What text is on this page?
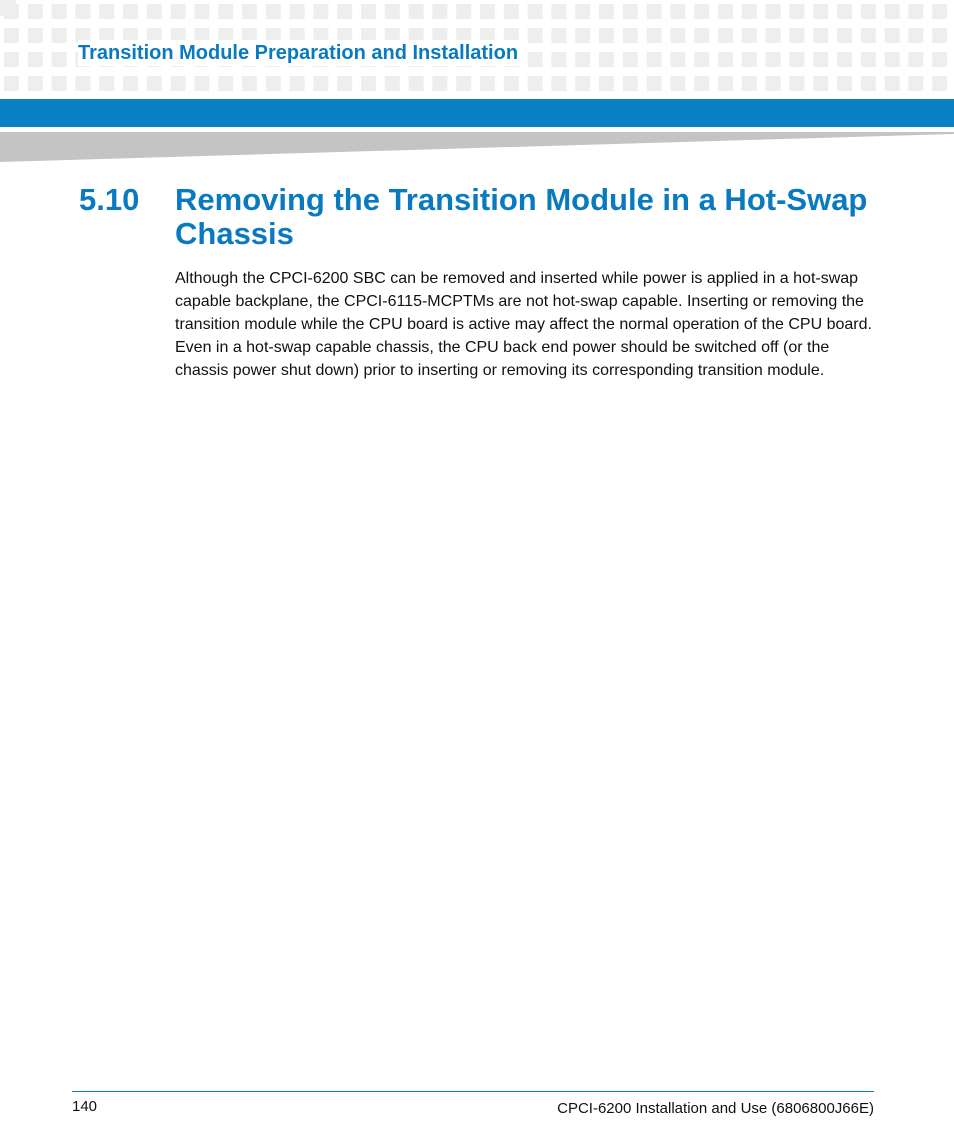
Transition Module Preparation and Installation
5.10 Removing the Transition Module in a Hot-Swap Chassis

Although the CPCI-6200 SBC can be removed and inserted while power is applied in a hot-swap capable backplane, the CPCI-6115-MCPTMs are not hot-swap capable. Inserting or removing the transition module while the CPU board is active may affect the normal operation of the CPU board. Even in a hot-swap capable chassis, the CPU back end power should be switched off (or the chassis power shut down) prior to inserting or removing its corresponding transition module.

140	CPCI-6200 Installation and Use (6806800J66E)
